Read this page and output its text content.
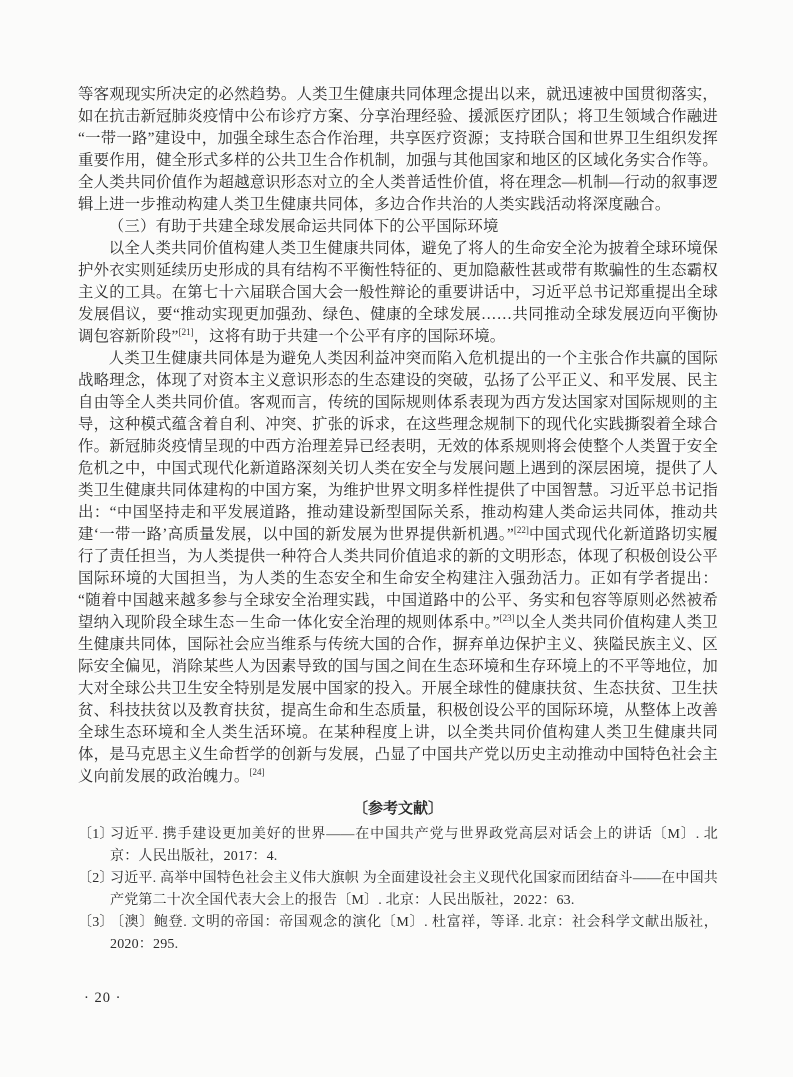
等客观现实所决定的必然趋势。人类卫生健康共同体理念提出以来，就迅速被中国贯彻落实，如在抗击新冠肺炎疫情中公布诊疗方案、分享治理经验、援派医疗团队；将卫生领域合作融进“一带一路”建设中，加强全球生态合作治理，共享医疗资源；支持联合国和世界卫生组织发挥重要作用，健全形式多样的公共卫生合作机制，加强与其他国家和地区的区域化务实合作等。全人类共同价值作为超越意识形态对立的全人类普适性价值，将在理念—机制—行动的叙事逻辑上进一步推动构建人类卫生健康共同体，多边合作共治的人类实践活动将深度融合。

（三）有助于共建全球发展命运共同体下的公平国际环境

以全人类共同价值构建人类卫生健康共同体，避免了将人的生命安全沦为披着全球环境保护外衣实则延续历史形成的具有结构不平衡性特征的、更加隐蔽性甚或带有欺骗性的生态霸权主义的工具。在第七十六届联合国大会一般性辩论的重要讲话中，习近平总书记郑重提出全球发展倡议，要“推动实现更加强劲、绿色、健康的全球发展……共同推动全球发展迈向平衡协调包容新阶段”[21]，这将有助于共建一个公平有序的国际环境。

人类卫生健康共同体是为避免人类因利益冲突而陷入危机提出的一个主张合作共赢的国际战略理念，体现了对资本主义意识形态的生态建设的突破，弘扬了公平正义、和平发展、民主自由等全人类共同价值。客观而言，传统的国际规则体系表现为西方发达国家对国际规则的主导，这种模式蕴含着自利、冲突、扩张的诉求，在这些理念规制下的现代化实践撕裂着全球合作。新冠肺炎疫情呈现的中西方治理差异已经表明，无效的体系规则将会使整个人类置于安全危机之中，中国式现代化新道路深刻关切人类在安全与发展问题上遇到的深层困境，提供了人类卫生健康共同体建构的中国方案，为维护世界文明多样性提供了中国智慧。习近平总书记指出：“中国坚持走和平发展道路，推动建设新型国际关系，推动构建人类命运共同体，推动共建‘一带一路’高质量发展，以中国的新发展为世界提供新机遇。”[22]中国式现代化新道路切实履行了责任担当，为人类提供一种符合人类共同价值追求的新的文明形态，体现了积极创设公平国际环境的大国担当，为人类的生态安全和生命安全构建注入强劲活力。正如有学者提出：“随着中国越来越多参与全球安全治理实践，中国道路中的公平、务实和包容等原则必然被希望纳入现阶段全球生态－生命一体化安全治理的规则体系中。”[23]以全人类共同价值构建人类卫生健康共同体，国际社会应当维系与传统大国的合作，摒弃单边保护主义、狭隘民族主义、区际安全偏见，消除某些人为因素导致的国与国之间在生态环境和生存环境上的不平等地位，加大对全球公共卫生安全特别是发展中国家的投入。开展全球性的健康扶贫、生态扶贫、卫生扶贫、科技扶贫以及教育扶贫，提高生命和生态质量，积极创设公平的国际环境，从整体上改善全球生态环境和全人类生活环境。在某种程度上讲，以全类共同价值构建人类卫生健康共同体，是马克思主义生命哲学的创新与发展，凸显了中国共产党以历史主动推动中国特色社会主义向前发展的政治魄力。[24]

〔参考文献〕

〔1〕
习近平. 携手建设更加美好的世界——在中国共产党与世界政党高层对话会上的讲话〔M〕. 北京：人民出版社，2017：4.
〔2〕
习近平. 高举中国特色社会主义伟大旗帜 为全面建设社会主义现代化国家而团结奋斗——在中国共产党第二十次全国代表大会上的报告〔M〕. 北京：人民出版社，2022：63.
〔3〕
〔澳〕鲍登. 文明的帝国：帝国观念的演化〔M〕. 杜富祥，等译. 北京：社会科学文献出版社，2020：295.
· 20 ·
